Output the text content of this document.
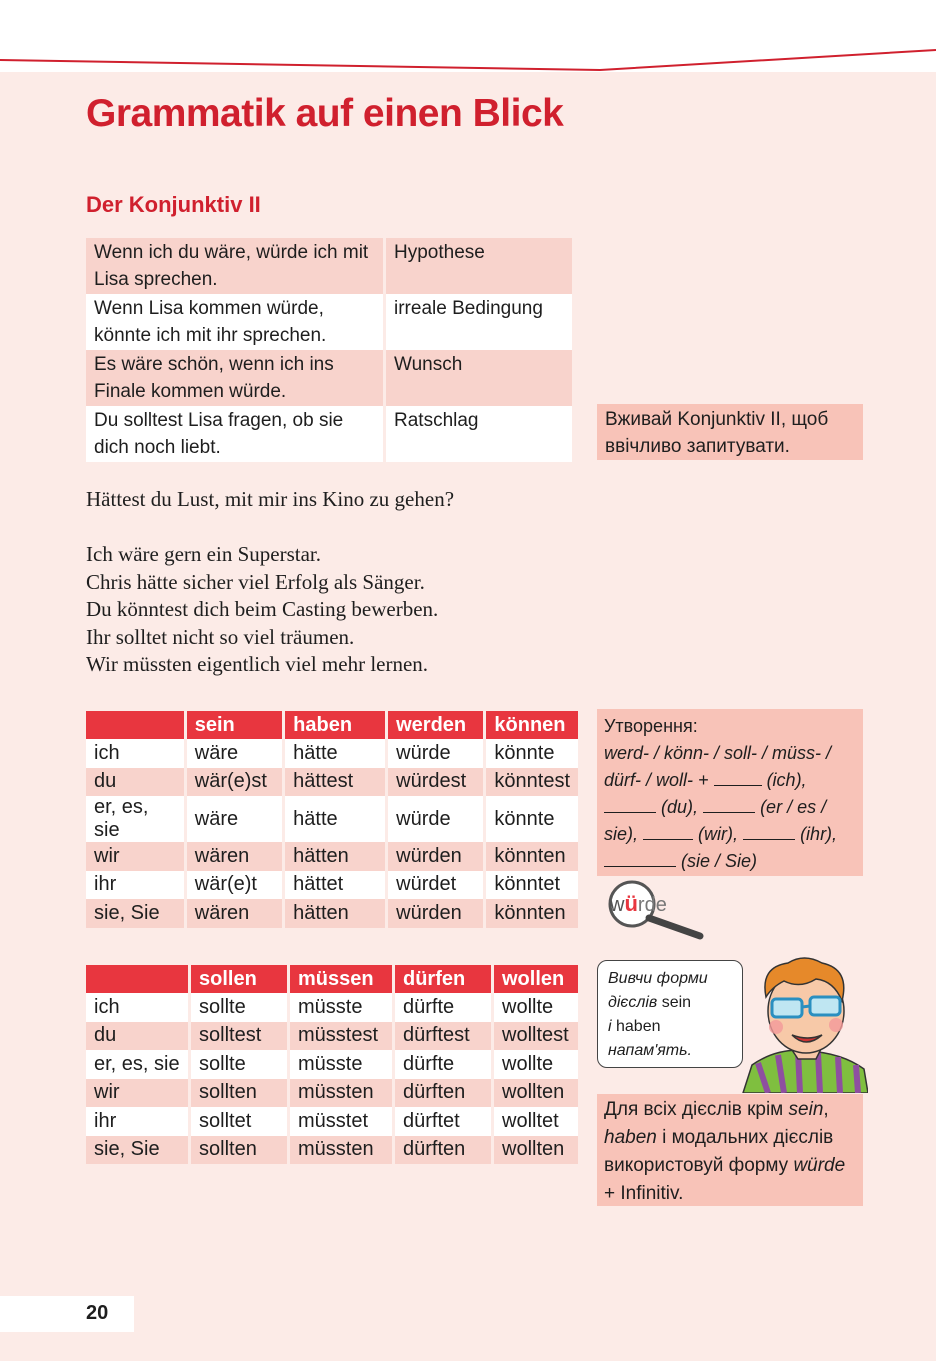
Grammatik auf einen Blick
Der Konjunktiv II
Wenn ich du wäre, würde ich mit Lisa sprechen.	Hypothese
Wenn Lisa kommen würde, könnte ich mit ihr sprechen.	irreale Bedingung
Es wäre schön, wenn ich ins Finale kommen würde.	Wunsch
Du solltest Lisa fragen, ob sie dich noch liebt.	Ratschlag	Вживай Konjunktiv II, щоб ввічливо запитувати.

Hättest du Lust, mit mir ins Kino zu gehen?

Ich wäre gern ein Superstar.
Chris hätte sicher viel Erfolg als Sänger.
Du könntest dich beim Casting bewerben.
Ihr solltet nicht so viel träumen.
Wir müssten eigentlich viel mehr lernen.
	sein	haben	werden	können
ich	wäre	hätte	würde	könnte
du	wär(e)st	hättest	würdest	könntest
er, es, sie	wäre	hätte	würde	könnte
wir	wären	hätten	würden	könnten
ihr	wär(e)t	hättet	würdet	könntet
sie, Sie	wären	hätten	würden	könnten
	sollen	müssen	dürfen	wollen
ich	sollte	müsste	dürfte	wollte
du	solltest	müsstest	dürftest	wolltest
er, es, sie	sollte	müsste	dürfte	wollte
wir	sollten	müssten	dürften	wollten
ihr	solltet	müsstet	dürftet	wolltet
sie, Sie	sollten	müssten	dürften	wollten
Утворення:
werd- / könn- / soll- / müss- / dürf- / woll- +	(ich),  (du),	(er / es / sie),	(wir),	(ihr),  (sie / Sie)
würde
Вивчи форми
дієслів sein
і haben
напам'ять.
Для всіх дієслів крім sein, haben і модальних дієслів використовуй форму würde + Infinitiv.
20
